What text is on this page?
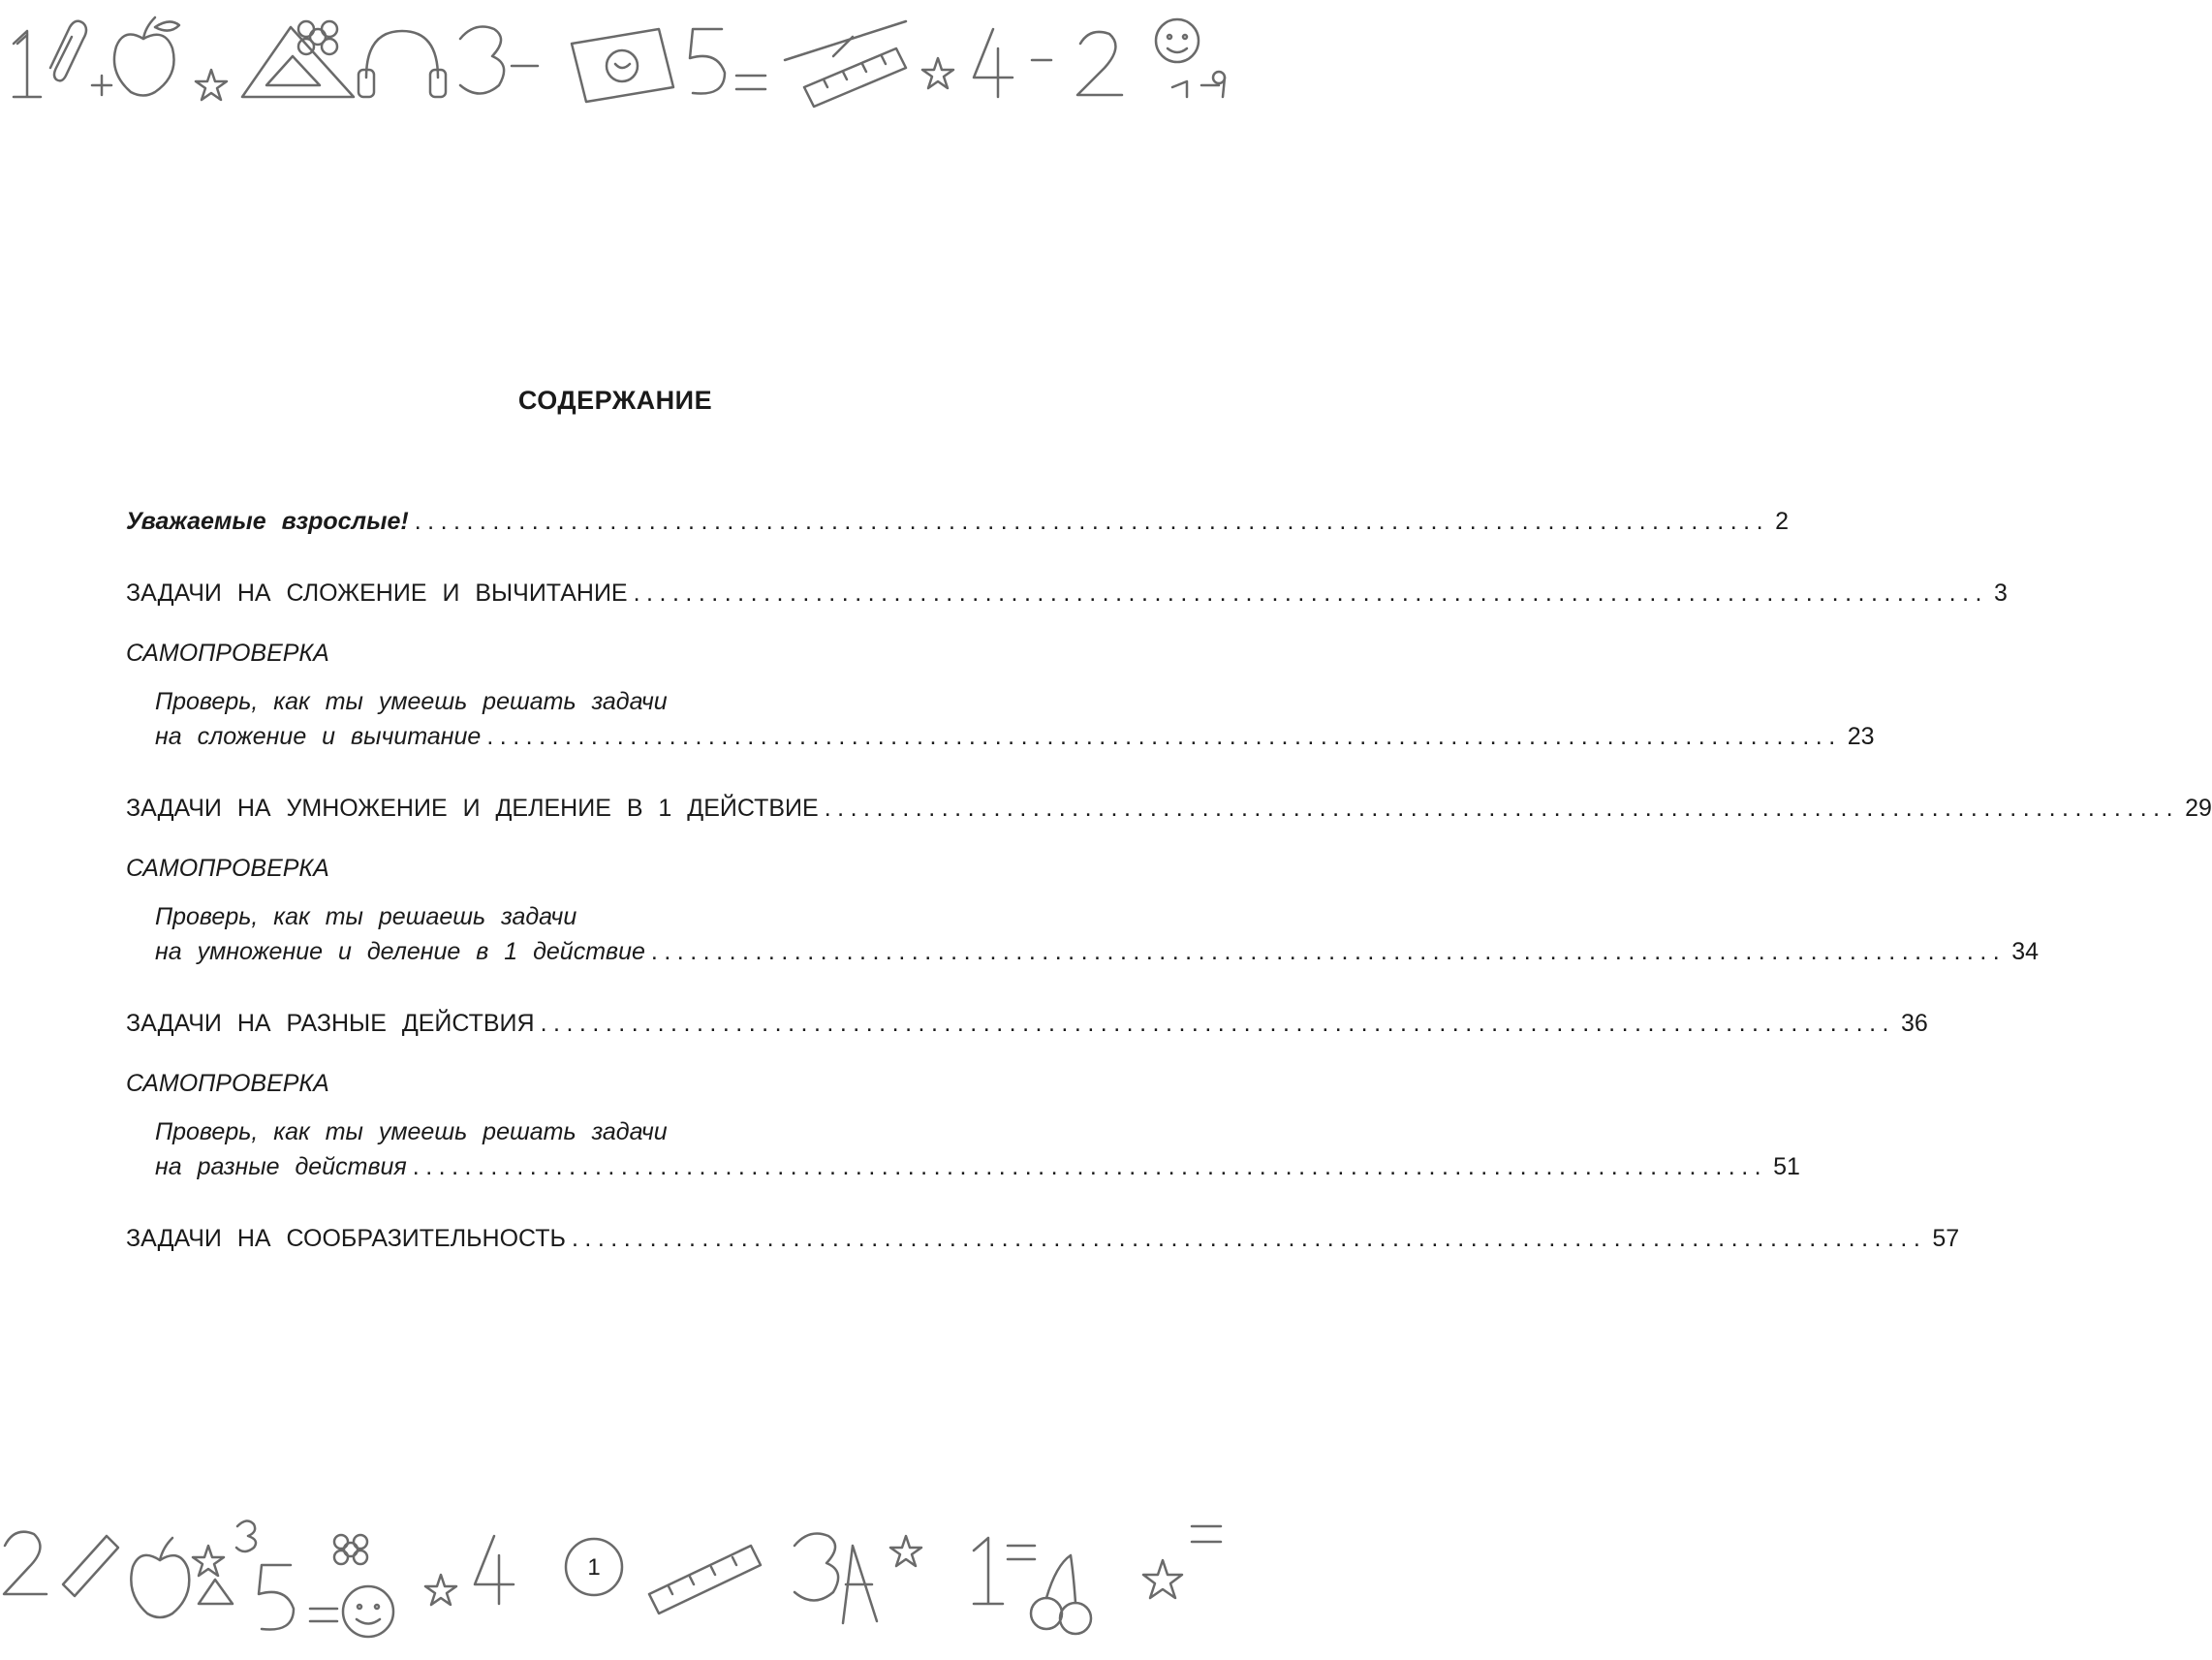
СОДЕРЖАНИЕ
Уважаемые взрослые! ........................................................................................................ 2
ЗАДАЧИ НА СЛОЖЕНИЕ И ВЫЧИТАНИЕ ........................................................................................................ 3
САМОПРОВЕРКА
Проверь, как ты умеешь решать задачи
на сложение и вычитание ........................................................................................................ 23
ЗАДАЧИ НА УМНОЖЕНИЕ И ДЕЛЕНИЕ В 1 ДЕЙСТВИЕ ........................................................................................................ 29
САМОПРОВЕРКА
Проверь, как ты решаешь задачи
на умножение и деление в 1 действие ........................................................................................................ 34
ЗАДАЧИ НА РАЗНЫЕ ДЕЙСТВИЯ ........................................................................................................ 36
САМОПРОВЕРКА
Проверь, как ты умеешь решать задачи
на разные действия ........................................................................................................ 51
ЗАДАЧИ НА СООБРАЗИТЕЛЬНОСТЬ ........................................................................................................ 57
1
